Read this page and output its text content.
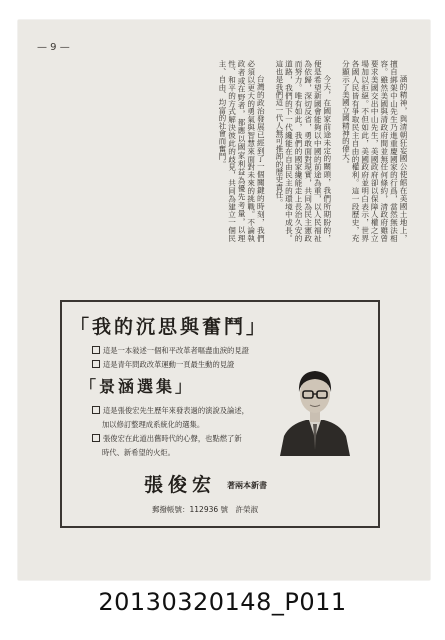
— 9 —

涵的精神，與清朝狂妄國公使館在美國土地上，擅自綁架中山先生乃進重慶國家的行爲，當然無法相容。雖然美國與清政府間並無任何條約，清政府雖曾要求美國交出中山先生，美國政府卻以保障人權之立場加以拒絕。不但如此，美國政府並明白表示，世界各國人民皆有爭取民主自由的權利。這一段歷史，充分顯示了美國立國精神的偉大。

今天，在國家前途未定的關頭，我們所期盼的，便是希望新國會能夠以中國的前途為重，以人民福祉為依歸，深切反省，勇敢面對現實，共同為民主憲政而努力。唯有如此，我們的國家纔能走上長治久安的道路，我們的下一代纔能在自由民主的環境中成長。這也是我們這一代人無可推卸的歷史責任。

台灣的政治發展已經到了一個關鍵的時刻，我們必須以更大的勇氣與智慧來面對未來的挑戰。不論執政者或在野者，都應以國家利益為優先考量，以理性、和平的方式解決彼此的歧見，共同為建立一個民主、自由、均富的社會而奮鬥。

「我的沉思與奮鬥」
這是一本敍述一個和平改革者嘔盡血淚的見證
這是青年問政改革運動一頁最生動的見證
「景涵選集」
這是張俊宏先生歷年來發表過的演說及論述，
加以修訂整理成系統化的選集。
張俊宏在此道出舊時代的心聲，也點燃了新
時代、新希望的火炬。
張俊宏 著兩本新書
郵撥帳號：112936 號　許榮淑
20130320148_P011
